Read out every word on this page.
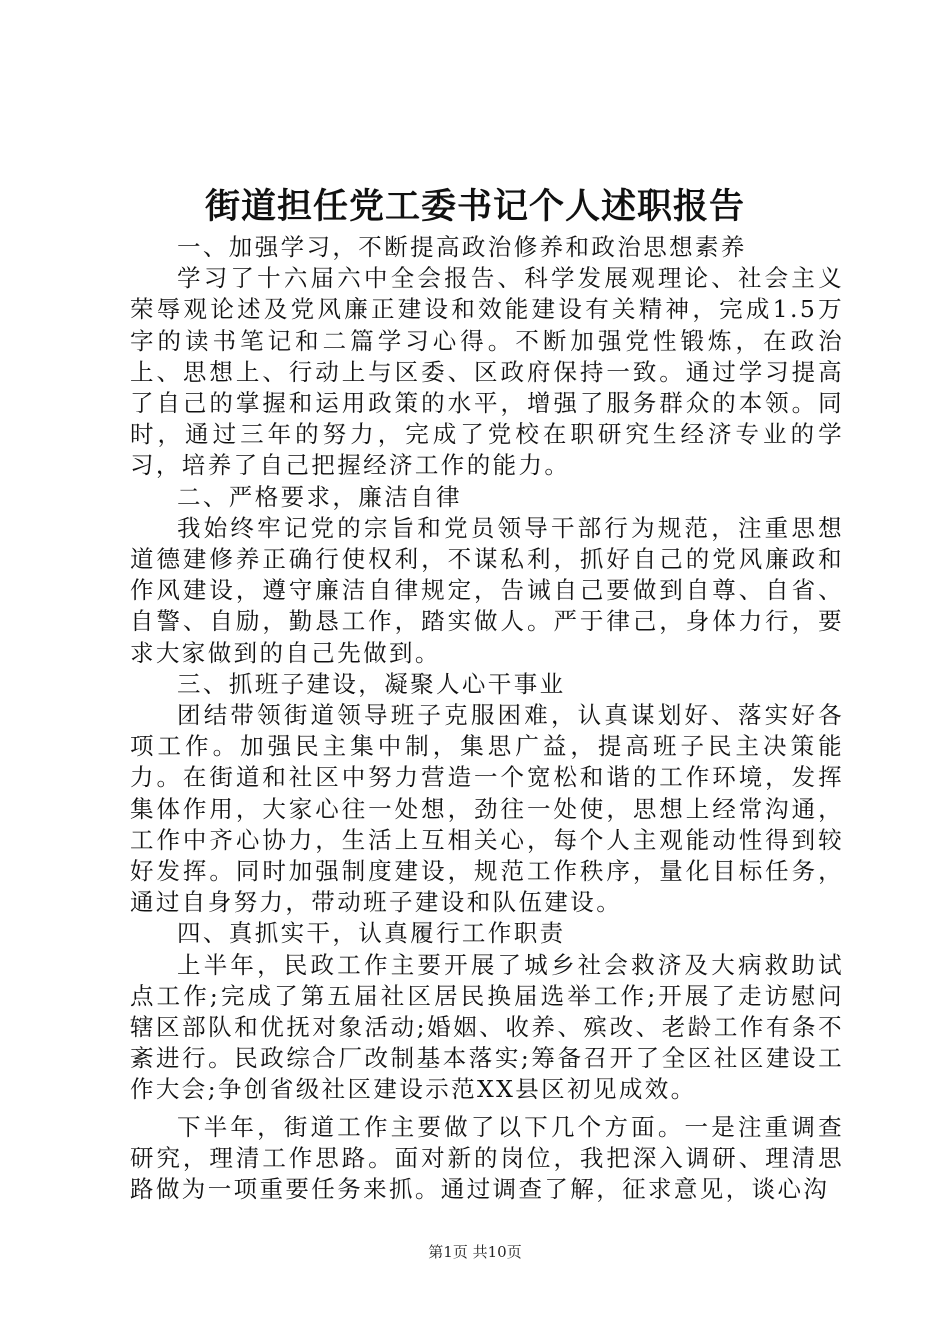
街道担任党工委书记个人述职报告

一、加强学习，不断提高政治修养和政治思想素养

学习了十六届六中全会报告、科学发展观理论、社会主义荣辱观论述及党风廉正建设和效能建设有关精神，完成1.5万字的读书笔记和二篇学习心得。不断加强党性锻炼，在政治上、思想上、行动上与区委、区政府保持一致。通过学习提高了自己的掌握和运用政策的水平，增强了服务群众的本领。同时，通过三年的努力，完成了党校在职研究生经济专业的学习，培养了自己把握经济工作的能力。

二、严格要求，廉洁自律

我始终牢记党的宗旨和党员领导干部行为规范，注重思想道德建修养正确行使权利，不谋私利，抓好自己的党风廉政和作风建设，遵守廉洁自律规定，告诫自己要做到自尊、自省、自警、自励，勤恳工作，踏实做人。严于律己，身体力行，要求大家做到的自己先做到。

三、抓班子建设，凝聚人心干事业

团结带领街道领导班子克服困难，认真谋划好、落实好各项工作。加强民主集中制，集思广益，提高班子民主决策能力。在街道和社区中努力营造一个宽松和谐的工作环境，发挥集体作用，大家心往一处想，劲往一处使，思想上经常沟通，工作中齐心协力，生活上互相关心，每个人主观能动性得到较好发挥。同时加强制度建设，规范工作秩序，量化目标任务，通过自身努力，带动班子建设和队伍建设。

四、真抓实干，认真履行工作职责

上半年，民政工作主要开展了城乡社会救济及大病救助试点工作;完成了第五届社区居民换届选举工作;开展了走访慰问辖区部队和优抚对象活动;婚姻、收养、殡改、老龄工作有条不紊进行。民政综合厂改制基本落实;筹备召开了全区社区建设工作大会;争创省级社区建设示范XX县区初见成效。

下半年，街道工作主要做了以下几个方面。一是注重调查研究，理清工作思路。面对新的岗位，我把深入调研、理清思路做为一项重要任务来抓。通过调查了解，征求意见，谈心沟

第1页 共10页
